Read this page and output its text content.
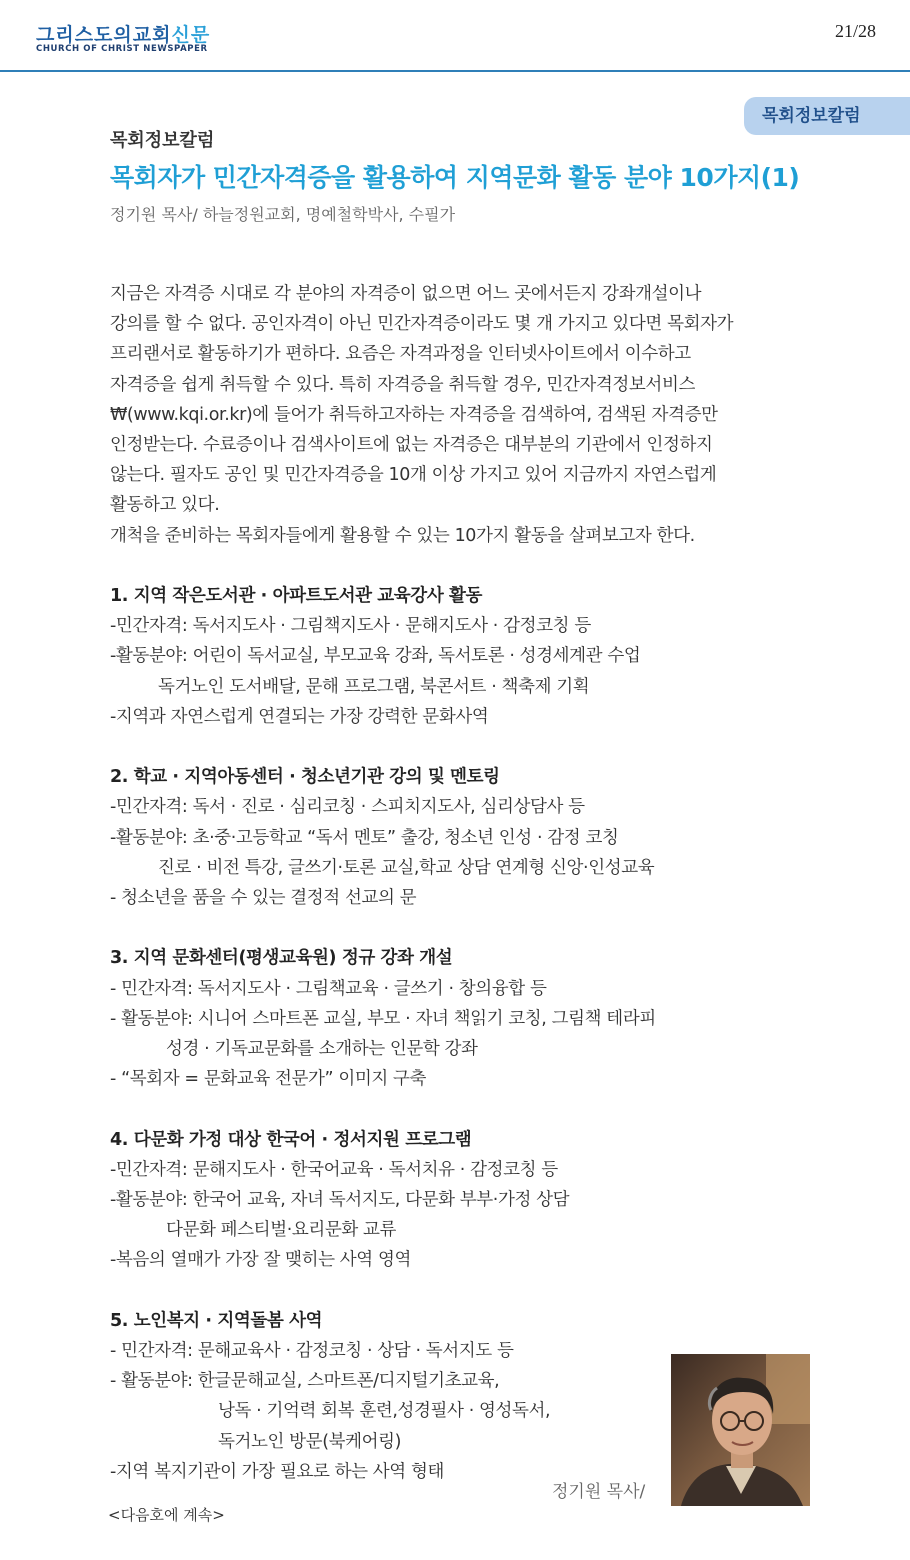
그리스도의교회신문
CHURCH OF CHRIST NEWSPAPER
21/28
목회정보칼럼
목회정보칼럼
목회자가 민간자격증을 활용하여 지역문화 활동 분야 10가지(1)
정기원 목사/ 하늘정원교회, 명예철학박사, 수필가

지금은 자격증 시대로 각 분야의 자격증이 없으면 어느 곳에서든지 강좌개설이나

강의를 할 수 없다. 공인자격이 아닌 민간자격증이라도 몇 개 가지고 있다면 목회자가

프리랜서로 활동하기가 편하다. 요즘은 자격과정을 인터넷사이트에서 이수하고

자격증을 쉽게 취득할 수 있다. 특히 자격증을 취득할 경우, 민간자격정보서비스

₩(www.kqi.or.kr)에 들어가 취득하고자하는 자격증을 검색하여, 검색된 자격증만

인정받는다. 수료증이나 검색사이트에 없는 자격증은 대부분의 기관에서 인정하지

않는다. 필자도 공인 및 민간자격증을 10개 이상 가지고 있어 지금까지 자연스럽게

활동하고 있다.

개척을 준비하는 목회자들에게 활용할 수 있는 10가지 활동을 살펴보고자 한다.

1. 지역 작은도서관 · 아파트도서관 교육강사 활동

-민간자격: 독서지도사 · 그림책지도사 · 문해지도사 · 감정코칭 등

-활동분야: 어린이 독서교실, 부모교육 강좌, 독서토론 · 성경세계관 수업

독거노인 도서배달, 문해 프로그램, 북콘서트 · 책축제 기획

-지역과 자연스럽게 연결되는 가장 강력한 문화사역

2. 학교 · 지역아동센터 · 청소년기관 강의 및 멘토링

-민간자격: 독서 · 진로 · 심리코칭 · 스피치지도사, 심리상담사 등

-활동분야: 초·중·고등학교 “독서 멘토” 출강, 청소년 인성 · 감정 코칭

진로 · 비전 특강, 글쓰기·토론 교실,학교 상담 연계형 신앙·인성교육

- 청소년을 품을 수 있는 결정적 선교의 문

3. 지역 문화센터(평생교육원) 정규 강좌 개설

- 민간자격: 독서지도사 · 그림책교육 · 글쓰기 · 창의융합 등

- 활동분야: 시니어 스마트폰 교실, 부모 · 자녀 책읽기 코칭, 그림책 테라피

성경 · 기독교문화를 소개하는 인문학 강좌

- “목회자 = 문화교육 전문가” 이미지 구축

4. 다문화 가정 대상 한국어 · 정서지원 프로그램

-민간자격: 문해지도사 · 한국어교육 · 독서치유 · 감정코칭 등

-활동분야: 한국어 교육, 자녀 독서지도, 다문화 부부·가정 상담

다문화 페스티벌·요리문화 교류

-복음의 열매가 가장 잘 맺히는 사역 영역

5. 노인복지 · 지역돌봄 사역

- 민간자격: 문해교육사 · 감정코칭 · 상담 · 독서지도 등

- 활동분야: 한글문해교실, 스마트폰/디지털기초교육,

낭독 · 기억력 회복 훈련,성경필사 · 영성독서,

독거노인 방문(북케어링)

-지역 복지기관이 가장 필요로 하는 사역 형태

정기원 목사/
<다음호에 계속>
